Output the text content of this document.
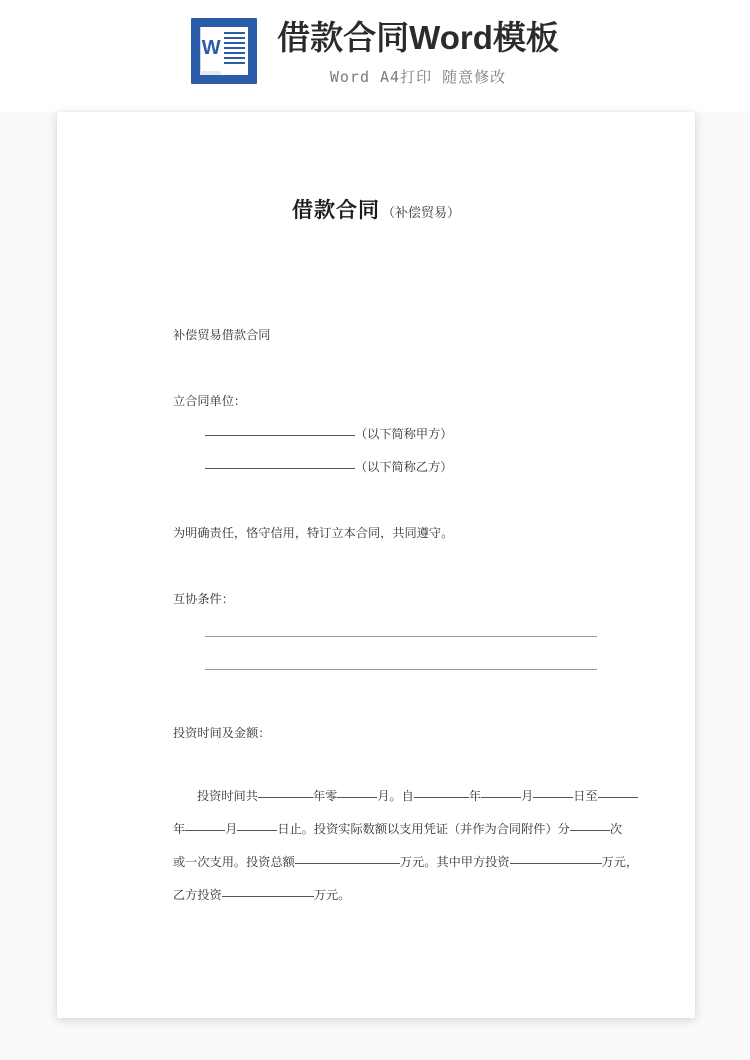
W 借款合同Word模板
Word A4打印 随意修改
借款合同 （补偿贸易）
补偿贸易借款合同
立合同单位：
（以下简称甲方）
（以下简称乙方）
为明确责任，恪守信用，特订立本合同，共同遵守。
互协条件：
投资时间及金额：
投资时间共	年零	月。自	年	月	日至
年	月	日止。投资实际数额以支用凭证（并作为合同附件）分	次
或一次支用。投资总额	万元。其中甲方投资	万元，
乙方投资	万元。
